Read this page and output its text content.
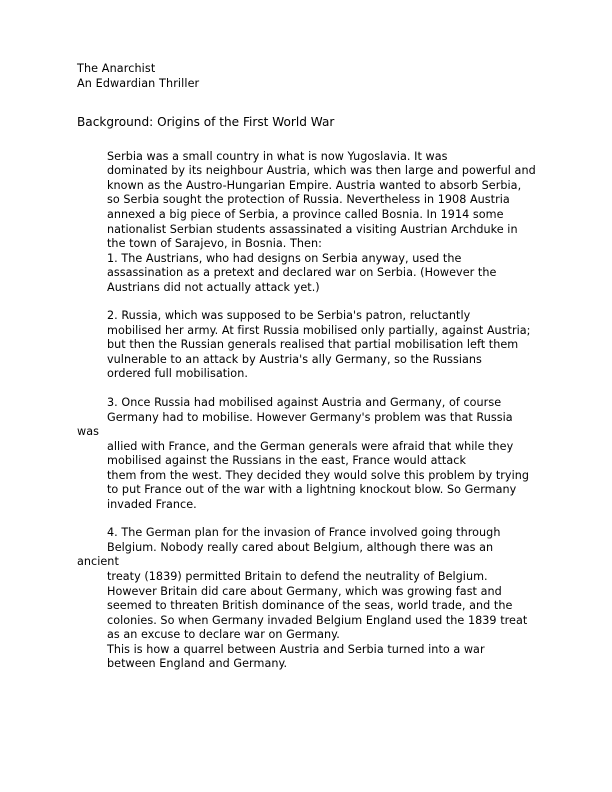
The Anarchist
An Edwardian Thriller
Background: Origins of the First World War

Serbia was a small country in what is now Yugoslavia. It was
dominated by its neighbour Austria, which was then large and powerful and
known as the Austro-Hungarian Empire. Austria wanted to absorb Serbia,
so Serbia sought the protection of Russia. Nevertheless in 1908 Austria
annexed a big piece of Serbia, a province called Bosnia. In 1914 some
nationalist Serbian students assassinated a visiting Austrian Archduke in
the town of Sarajevo, in Bosnia. Then:

1. The Austrians, who had designs on Serbia anyway, used the
assassination as a pretext and declared war on Serbia. (However the
Austrians did not actually attack yet.)

2. Russia, which was supposed to be Serbia's patron, reluctantly
mobilised her army. At first Russia mobilised only partially, against Austria;
but then the Russian generals realised that partial mobilisation left them
vulnerable to an attack by Austria's ally Germany, so the Russians
ordered full mobilisation.

3. Once Russia had mobilised against Austria and Germany, of course
Germany had to mobilise. However Germany's problem was that Russia was
allied with France, and the German generals were afraid that while they
mobilised against the Russians in the east, France would attack
them from the west. They decided they would solve this problem by trying
to put France out of the war with a lightning knockout blow. So Germany
invaded France.

4. The German plan for the invasion of France involved going through
Belgium. Nobody really cared about Belgium, although there was an ancient
treaty (1839) permitted Britain to defend the neutrality of Belgium.
However Britain did care about Germany, which was growing fast and
seemed to threaten British dominance of the seas, world trade, and the
colonies. So when Germany invaded Belgium England used the 1839 treat
as an excuse to declare war on Germany.

This is how a quarrel between Austria and Serbia turned into a war
between England and Germany.
